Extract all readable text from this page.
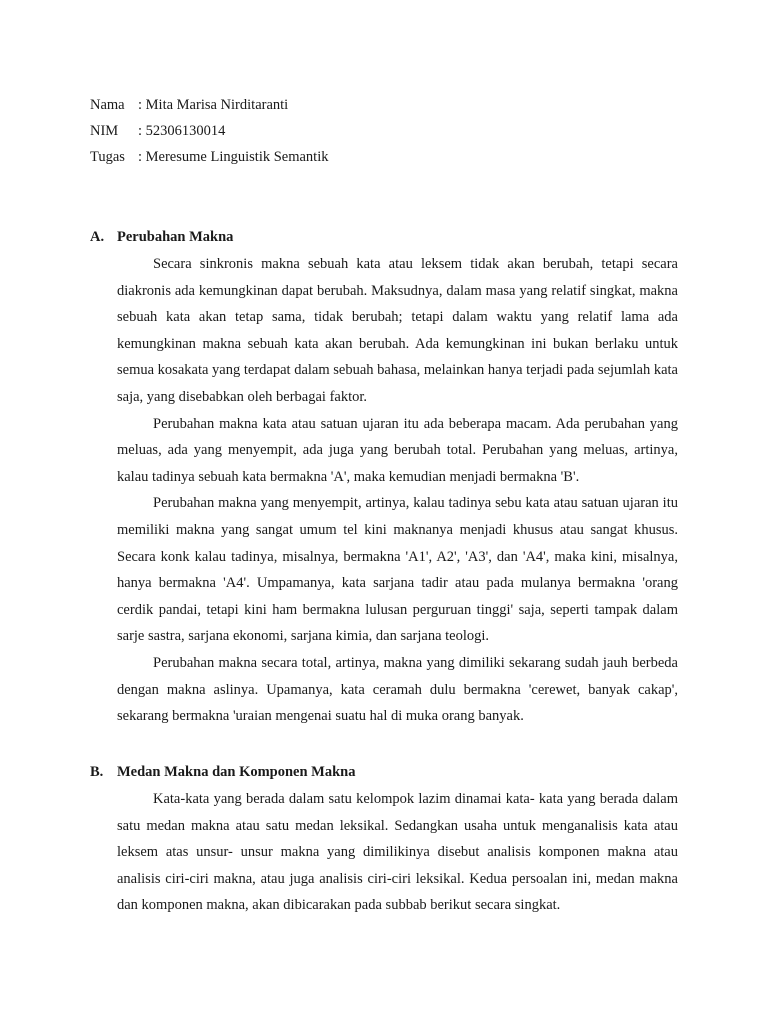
Nama : Mita Marisa Nirditaranti
NIM	: 52306130014
Tugas : Meresume Linguistik Semantik
A. Perubahan Makna

Secara sinkronis makna sebuah kata atau leksem tidak akan berubah, tetapi secara diakronis ada kemungkinan dapat berubah. Maksudnya, dalam masa yang relatif singkat, makna sebuah kata akan tetap sama, tidak berubah; tetapi dalam waktu yang relatif lama ada kemungkinan makna sebuah kata akan berubah. Ada kemungkinan ini bukan berlaku untuk semua kosakata yang terdapat dalam sebuah bahasa, melainkan hanya terjadi pada sejumlah kata saja, yang disebabkan oleh berbagai faktor.

Perubahan makna kata atau satuan ujaran itu ada beberapa macam. Ada perubahan yang meluas, ada yang menyempit, ada juga yang berubah total. Perubahan yang meluas, artinya, kalau tadinya sebuah kata bermakna 'A', maka kemudian menjadi bermakna 'B'.

Perubahan makna yang menyempit, artinya, kalau tadinya sebu kata atau satuan ujaran itu memiliki makna yang sangat umum tel kini maknanya menjadi khusus atau sangat khusus. Secara konk kalau tadinya, misalnya, bermakna 'A1', A2', 'A3', dan 'A4', maka kini, misalnya, hanya bermakna 'A4'. Umpamanya, kata sarjana tadir atau pada mulanya bermakna 'orang cerdik pandai, tetapi kini ham bermakna lulusan perguruan tinggi' saja, seperti tampak dalam sarje sastra, sarjana ekonomi, sarjana kimia, dan sarjana teologi.

Perubahan makna secara total, artinya, makna yang dimiliki sekarang sudah jauh berbeda dengan makna aslinya. Upamanya, kata ceramah dulu bermakna 'cerewet, banyak cakap', sekarang bermakna 'uraian mengenai suatu hal di muka orang banyak.

B. Medan Makna dan Komponen Makna

Kata-kata yang berada dalam satu kelompok lazim dinamai kata- kata yang berada dalam satu medan makna atau satu medan leksikal. Sedangkan usaha untuk menganalisis kata atau leksem atas unsur- unsur makna yang dimilikinya disebut analisis komponen makna atau analisis ciri-ciri makna, atau juga analisis ciri-ciri leksikal. Kedua persoalan ini, medan makna dan komponen makna, akan dibicarakan pada subbab berikut secara singkat.
